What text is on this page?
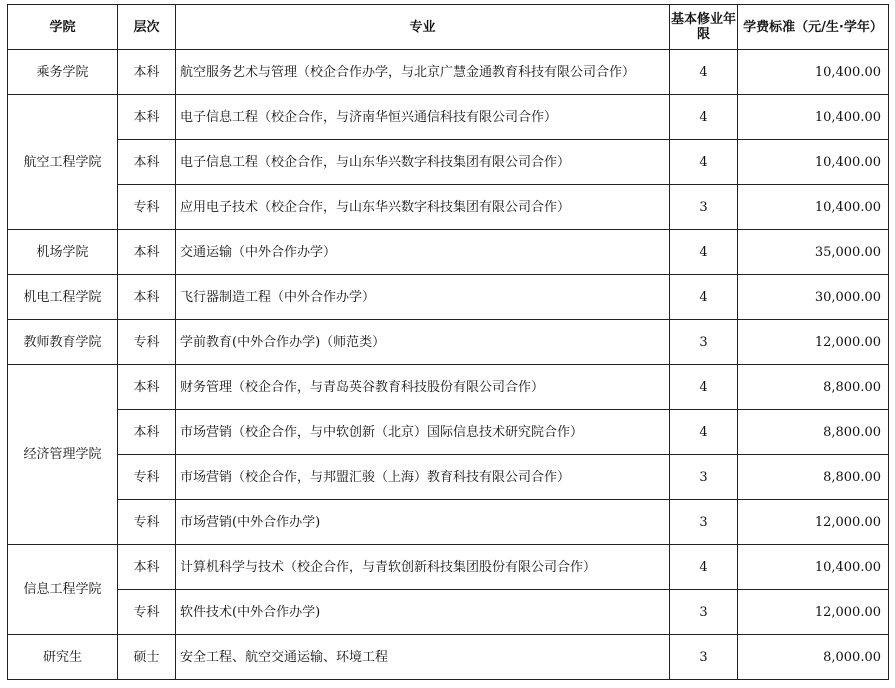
学院	层次	专业	基本修业年限	学费标准（元/生·学年）
乘务学院	本科	航空服务艺术与管理（校企合作办学，与北京广慧金通教育科技有限公司合作）	4	10,400.00
航空工程学院	本科	电子信息工程（校企合作，与济南华恒兴通信科技有限公司合作）	4	10,400.00
	本科	电子信息工程（校企合作，与山东华兴数字科技集团有限公司合作）	4	10,400.00
	专科	应用电子技术（校企合作，与山东华兴数字科技集团有限公司合作）	3	10,400.00
机场学院	本科	交通运输（中外合作办学）	4	35,000.00
机电工程学院	本科	飞行器制造工程（中外合作办学）	4	30,000.00
教师教育学院	专科	学前教育(中外合作办学)（师范类）	3	12,000.00
经济管理学院	本科	财务管理（校企合作，与青岛英谷教育科技股份有限公司合作）	4	8,800.00
	本科	市场营销（校企合作，与中软创新（北京）国际信息技术研究院合作）	4	8,800.00
	专科	市场营销（校企合作，与邦盟汇骏（上海）教育科技有限公司合作）	3	8,800.00
	专科	市场营销(中外合作办学)	3	12,000.00
信息工程学院	本科	计算机科学与技术（校企合作，与青软创新科技集团股份有限公司合作）	4	10,400.00
	专科	软件技术(中外合作办学)	3	12,000.00
研究生	硕士	安全工程、航空交通运输、环境工程	3	8,000.00
